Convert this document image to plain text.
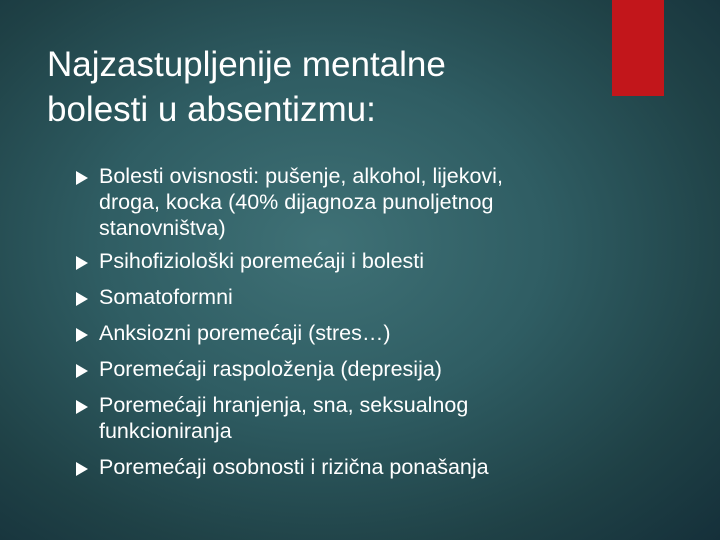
Najzastupljenije mentalne
bolesti u absentizmu:
Bolesti ovisnosti: pušenje, alkohol, lijekovi,
droga, kocka (40% dijagnoza punoljetnog
stanovništva)
Psihofiziološki poremećaji i bolesti
Somatoformni
Anksiozni poremećaji (stres…)
Poremećaji raspoloženja (depresija)
Poremećaji hranjenja, sna, seksualnog
funkcioniranja
Poremećaji osobnosti i rizična ponašanja
